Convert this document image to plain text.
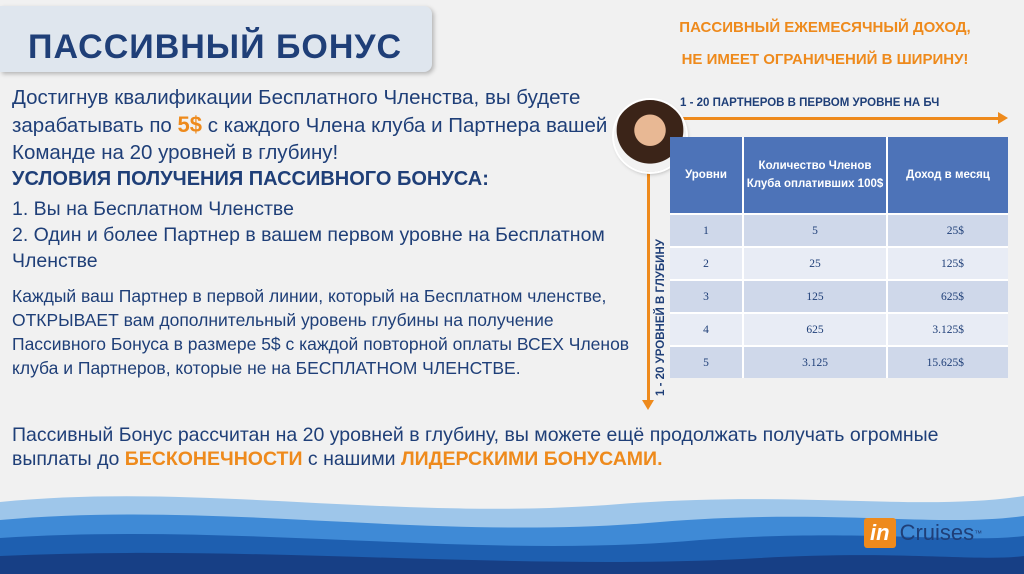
ПАССИВНЫЙ БОНУС
ПАССИВНЫЙ ЕЖЕМЕСЯЧНЫЙ ДОХОД,
НЕ ИМЕЕТ ОГРАНИЧЕНИЙ В ШИРИНУ!
Достигнув квалификации Бесплатного Членства, вы будете зарабатывать по 5$ с каждого Члена клуба и Партнера вашей Команде на 20 уровней в глубину!
УСЛОВИЯ ПОЛУЧЕНИЯ ПАССИВНОГО БОНУСА:
1. Вы на Бесплатном Членстве
2. Один и более Партнер в вашем первом уровне на Бесплатном Членстве
Каждый ваш Партнер в первой линии, который на Бесплатном членстве, ОТКРЫВАЕТ вам дополнительный уровень глубины на получение Пассивного Бонуса в размере 5$ с каждой повторной оплаты ВСЕХ Членов клуба и Партнеров, которые не на БЕСПЛАТНОМ ЧЛЕНСТВЕ.
Пассивный Бонус рассчитан на 20 уровней в глубину, вы можете ещё продолжать получать огромные выплаты до БЕСКОНЕЧНОСТИ с нашими ЛИДЕРСКИМИ БОНУСАМИ.
1 - 20 ПАРТНЕРОВ В ПЕРВОМ УРОВНЕ НА БЧ
1 - 20 УРОВНЕЙ В ГЛУБИНУ
Уровни	Количество Членов Клуба оплативших 100$	Доход в месяц
1	5	25$
2	25	125$
3	125	625$
4	625	3.125$
5	3.125	15.625$
in Cruises ™
